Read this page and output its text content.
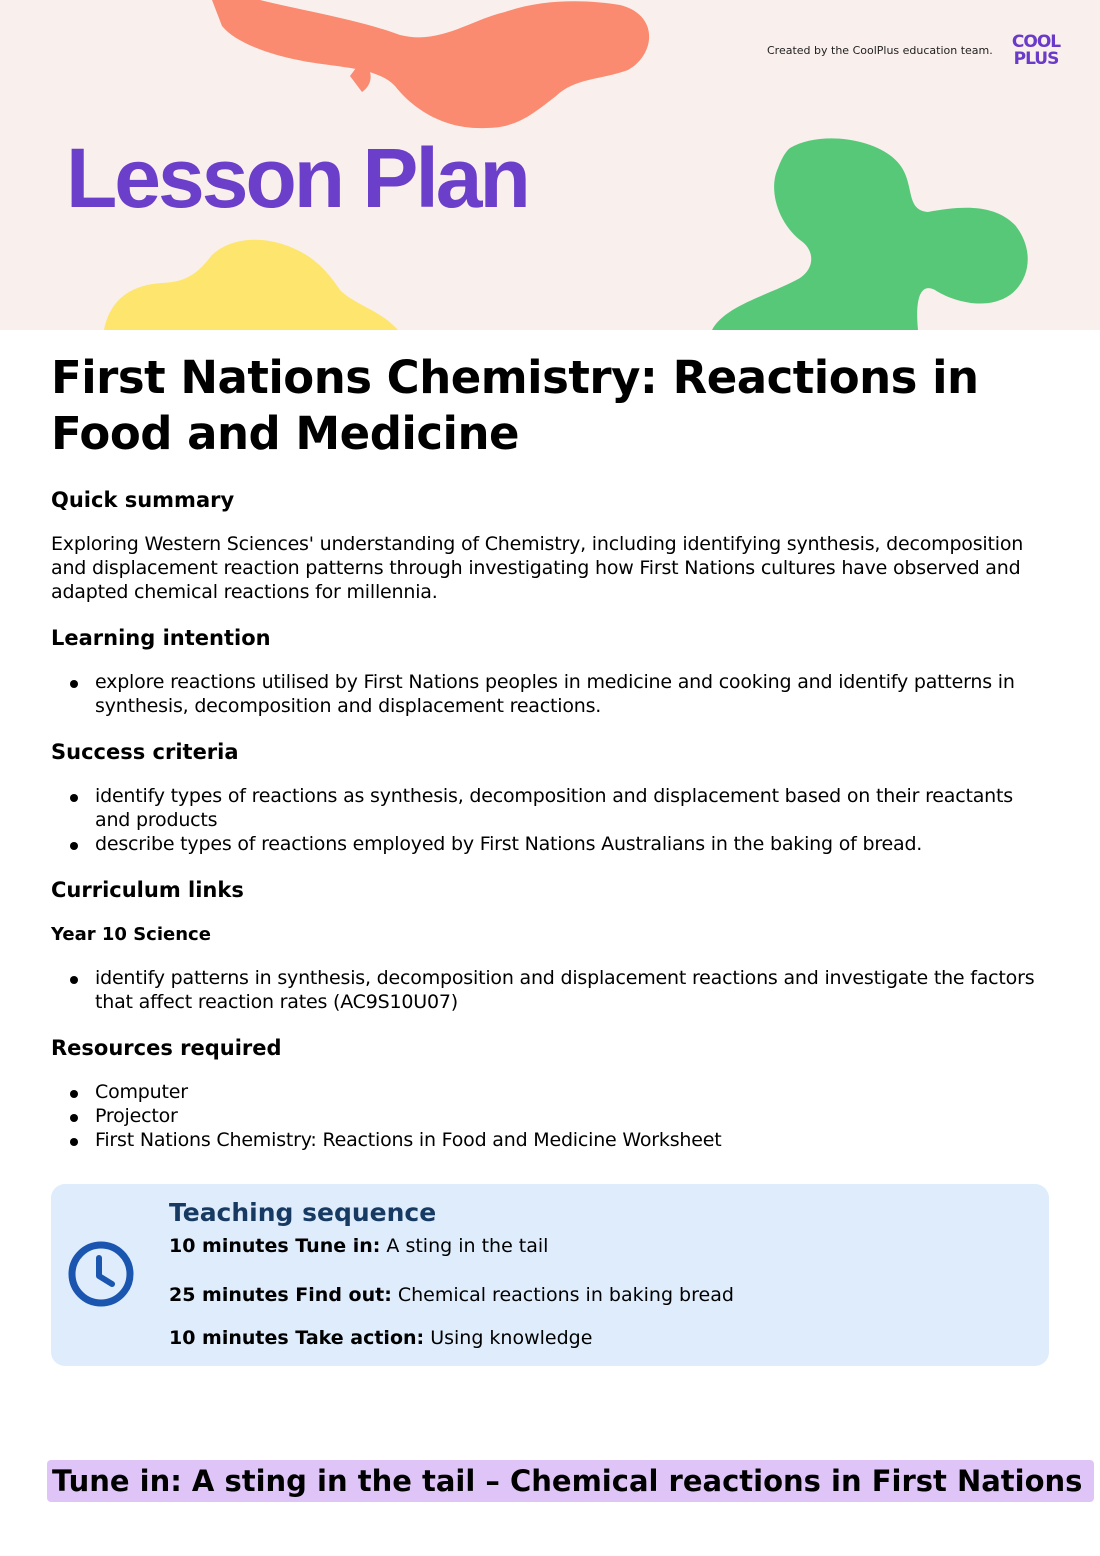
Created by the CoolPlus education team.	COOL
PLUS
Lesson Plan
First Nations Chemistry: Reactions in Food and Medicine
Quick summary

Exploring Western Sciences' understanding of Chemistry, including identifying synthesis, decomposition and displacement reaction patterns through investigating how First Nations cultures have observed and adapted chemical reactions for millennia.

Learning intention
explore reactions utilised by First Nations peoples in medicine and cooking and identify patterns in synthesis, decomposition and displacement reactions.
Success criteria
identify types of reactions as synthesis, decomposition and displacement based on their reactants and products
describe types of reactions employed by First Nations Australians in the baking of bread.
Curriculum links
Year 10 Science
identify patterns in synthesis, decomposition and displacement reactions and investigate the factors that affect reaction rates (AC9S10U07)
Resources required
Computer
Projector
First Nations Chemistry: Reactions in Food and Medicine Worksheet
Teaching sequence
10 minutes Tune in: A sting in the tail
25 minutes Find out: Chemical reactions in baking bread
10 minutes Take action: Using knowledge
Tune in: A sting in the tail – Chemical reactions in First Nations
